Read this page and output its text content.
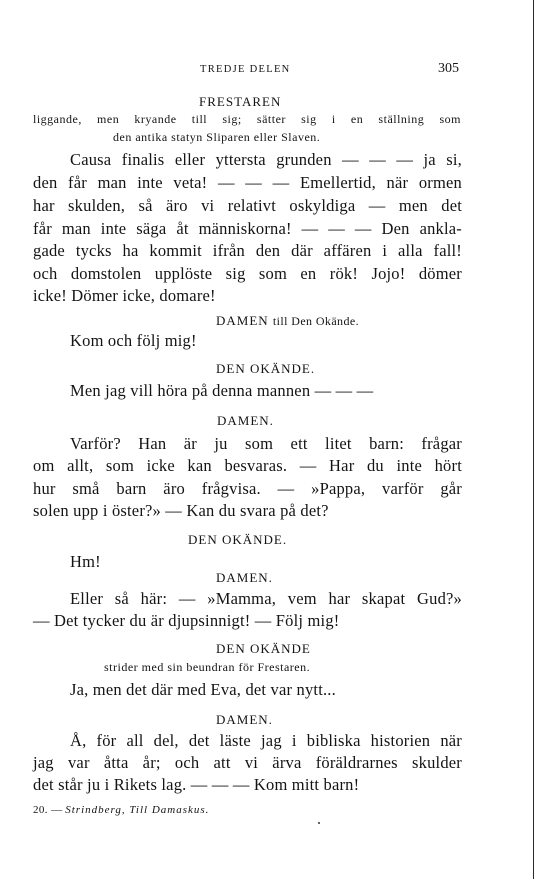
TREDJE DELEN	305
FRESTAREN
liggande, men kryande till sig; sätter sig i en ställning som
den antika statyn Sliparen eller Slaven.
Causa finalis eller yttersta grunden — — — ja si,
den får man inte veta! — — — Emellertid, när ormen
har skulden, så äro vi relativt oskyldiga — men det
får man inte säga åt människorna! — — — Den ankla-
gade tycks ha kommit ifrån den där affären i alla fall!
och domstolen upplöste sig som en rök! Jojo! dömer
icke! Dömer icke, domare!
DAMEN till Den Okände.
Kom och följ mig!
DEN OKÄNDE.
Men jag vill höra på denna mannen — — —
DAMEN.
Varför? Han är ju som ett litet barn: frågar
om allt, som icke kan besvaras. — Har du inte hört
hur små barn äro frågvisa. — »Pappa, varför går
solen upp i öster?» — Kan du svara på det?
DEN OKÄNDE.
Hm!
DAMEN.
Eller så här: — »Mamma, vem har skapat Gud?»
— Det tycker du är djupsinnigt! — Följ mig!
DEN OKÄNDE
strider med sin beundran för Frestaren.
Ja, men det där med Eva, det var nytt...
DAMEN.
Å, för all del, det läste jag i bibliska historien när
jag var åtta år; och att vi ärva föräldrarnes skulder
det står ju i Rikets lag. — — — Kom mitt barn!
20. — Strindberg, Till Damaskus.
